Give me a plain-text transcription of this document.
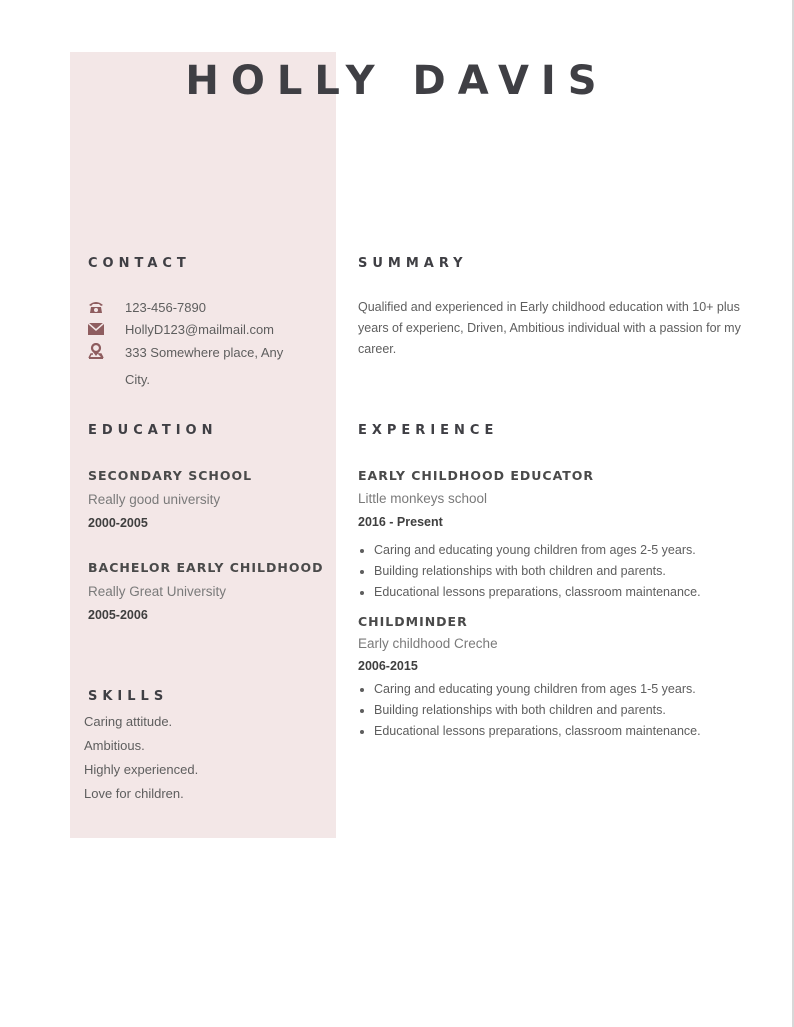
HOLLY DAVIS
CONTACT
123-456-7890
HollyD123@mailmail.com
333 Somewhere place, Any
City.
EDUCATION
SECONDARY SCHOOL
Really good university
2000-2005
BACHELOR EARLY CHILDHOOD
Really Great University
2005-2006
SKILLS
Caring attitude.
Ambitious.
Highly experienced.
Love for children.
SUMMARY
Qualified and experienced in Early childhood education with 10+ plus years of experienc, Driven, Ambitious individual with a passion for my career.
EXPERIENCE
EARLY CHILDHOOD EDUCATOR
Little monkeys school
2016 - Present
• Caring and educating young children from ages 2-5 years.
• Building relationships with both children and parents.
• Educational lessons preparations, classroom maintenance.
CHILDMINDER
Early childhood Creche
2006-2015
• Caring and educating young children from ages 1-5 years.
• Building relationships with both children and parents.
• Educational lessons preparations, classroom maintenance.
